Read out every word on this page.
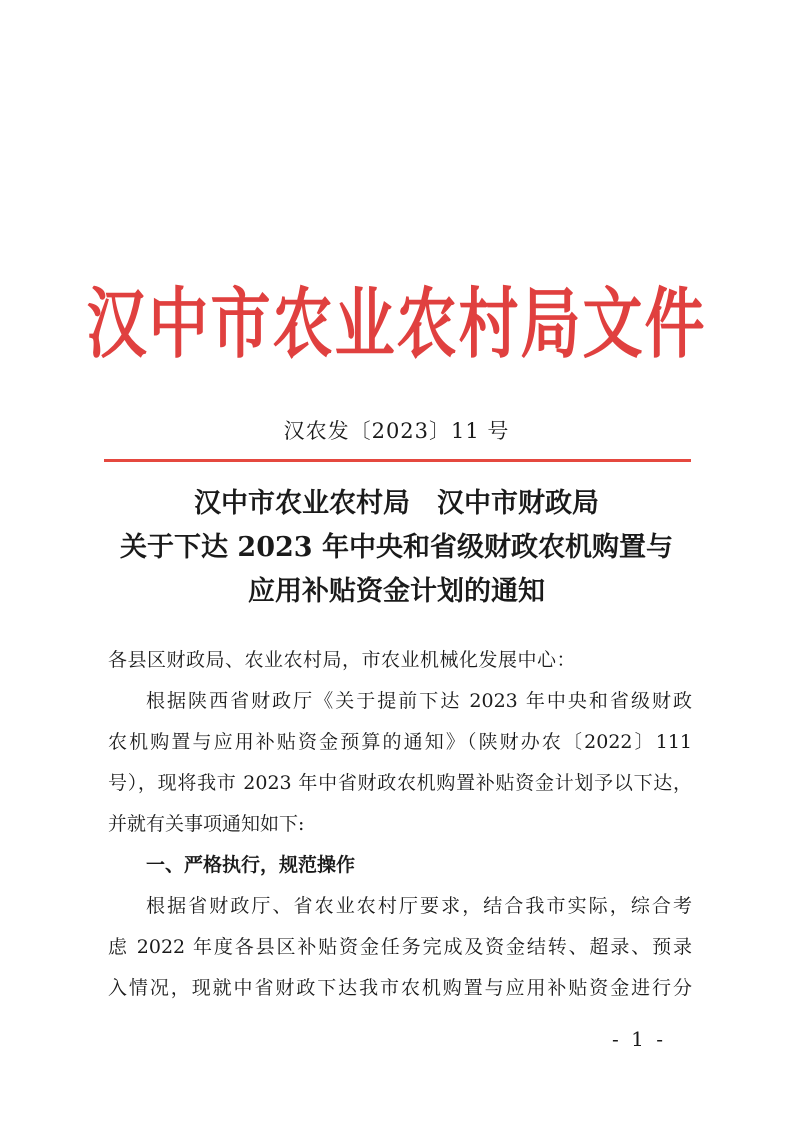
汉中市农业农村局文件
汉农发〔2023〕11 号
汉中市农业农村局　汉中市财政局
关于下达 2023 年中央和省级财政农机购置与
应用补贴资金计划的通知
各县区财政局、农业农村局，市农业机械化发展中心：
根据陕西省财政厅《关于提前下达 2023 年中央和省级财政
农机购置与应用补贴资金预算的通知》（陕财办农〔2022〕111
号），现将我市 2023 年中省财政农机购置补贴资金计划予以下达，
并就有关事项通知如下:
一、严格执行，规范操作
根据省财政厅、省农业农村厅要求，结合我市实际，综合考
虑 2022 年度各县区补贴资金任务完成及资金结转、超录、预录
入情况，现就中省财政下达我市农机购置与应用补贴资金进行分
- 1 -
